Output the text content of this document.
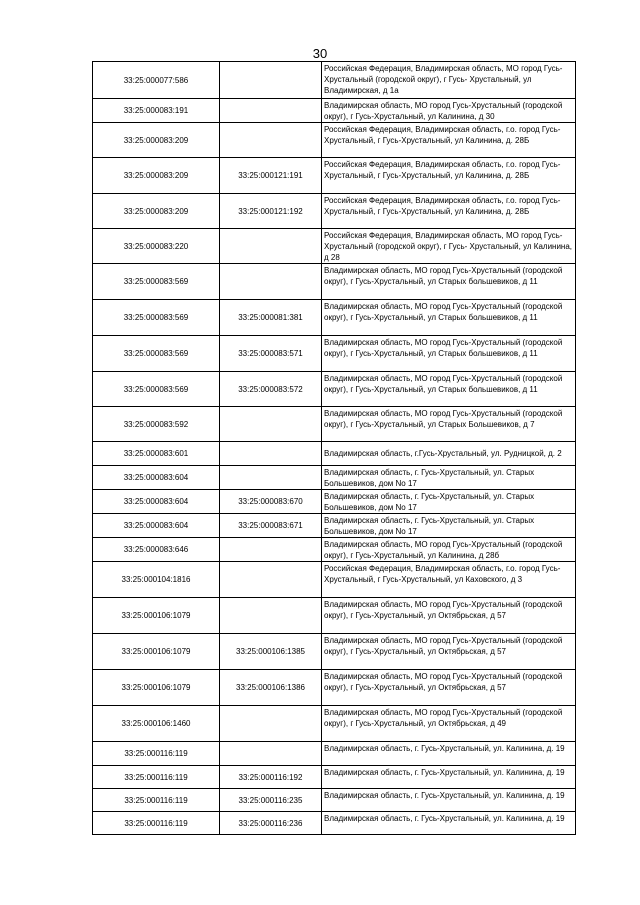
30
33:25:000077:586		Российская Федерация, Владимирская область, МО город Гусь-Хрустальный (городской округ), г Гусь- Хрустальный, ул Владимирская, д 1а
33:25:000083:191		Владимирская область, МО город Гусь-Хрустальный (городской округ), г Гусь-Хрустальный, ул Калинина, д 30
33:25:000083:209		Российская Федерация, Владимирская область, г.о. город Гусь-Хрустальный, г Гусь-Хрустальный, ул Калинина, д. 28Б
33:25:000083:209	33:25:000121:191	Российская Федерация, Владимирская область, г.о. город Гусь-Хрустальный, г Гусь-Хрустальный, ул Калинина, д. 28Б
33:25:000083:209	33:25:000121:192	Российская Федерация, Владимирская область, г.о. город Гусь-Хрустальный, г Гусь-Хрустальный, ул Калинина, д. 28Б
33:25:000083:220		Российская Федерация, Владимирская область, МО город Гусь-Хрустальный (городской округ), г Гусь- Хрустальный, ул Калинина, д 28
33:25:000083:569		Владимирская область, МО город Гусь-Хрустальный (городской округ), г Гусь-Хрустальный, ул Старых большевиков, д 11
33:25:000083:569	33:25:000081:381	Владимирская область, МО город Гусь-Хрустальный (городской округ), г Гусь-Хрустальный, ул Старых большевиков, д 11
33:25:000083:569	33:25:000083:571	Владимирская область, МО город Гусь-Хрустальный (городской округ), г Гусь-Хрустальный, ул Старых большевиков, д 11
33:25:000083:569	33:25:000083:572	Владимирская область, МО город Гусь-Хрустальный (городской округ), г Гусь-Хрустальный, ул Старых большевиков, д 11
33:25:000083:592		Владимирская область, МО город Гусь-Хрустальный (городской округ), г Гусь-Хрустальный, ул Старых Большевиков, д 7
33:25:000083:601		Владимирская область, г.Гусь-Хрустальный, ул. Рудницкой, д. 2
33:25:000083:604		Владимирская область, г. Гусь-Хрустальный, ул. Старых Большевиков, дом No 17
33:25:000083:604	33:25:000083:670	Владимирская область, г. Гусь-Хрустальный, ул. Старых Большевиков, дом No 17
33:25:000083:604	33:25:000083:671	Владимирская область, г. Гусь-Хрустальный, ул. Старых Большевиков, дом No 17
33:25:000083:646		Владимирская область, МО город Гусь-Хрустальный (городской округ), г Гусь-Хрустальный, ул Калинина, д 28б
33:25:000104:1816		Российская Федерация, Владимирская область, г.о. город Гусь-Хрустальный, г Гусь-Хрустальный, ул Каховского, д 3
33:25:000106:1079		Владимирская область, МО город Гусь-Хрустальный (городской округ), г Гусь-Хрустальный, ул Октябрьская, д 57
33:25:000106:1079	33:25:000106:1385	Владимирская область, МО город Гусь-Хрустальный (городской округ), г Гусь-Хрустальный, ул Октябрьская, д 57
33:25:000106:1079	33:25:000106:1386	Владимирская область, МО город Гусь-Хрустальный (городской округ), г Гусь-Хрустальный, ул Октябрьская, д 57
33:25:000106:1460		Владимирская область, МО город Гусь-Хрустальный (городской округ), г Гусь-Хрустальный, ул Октябрьская, д 49
33:25:000116:119		Владимирская область, г. Гусь-Хрустальный, ул. Калинина, д. 19
33:25:000116:119	33:25:000116:192	Владимирская область, г. Гусь-Хрустальный, ул. Калинина, д. 19
33:25:000116:119	33:25:000116:235	Владимирская область, г. Гусь-Хрустальный, ул. Калинина, д. 19
33:25:000116:119	33:25:000116:236	Владимирская область, г. Гусь-Хрустальный, ул. Калинина, д. 19
